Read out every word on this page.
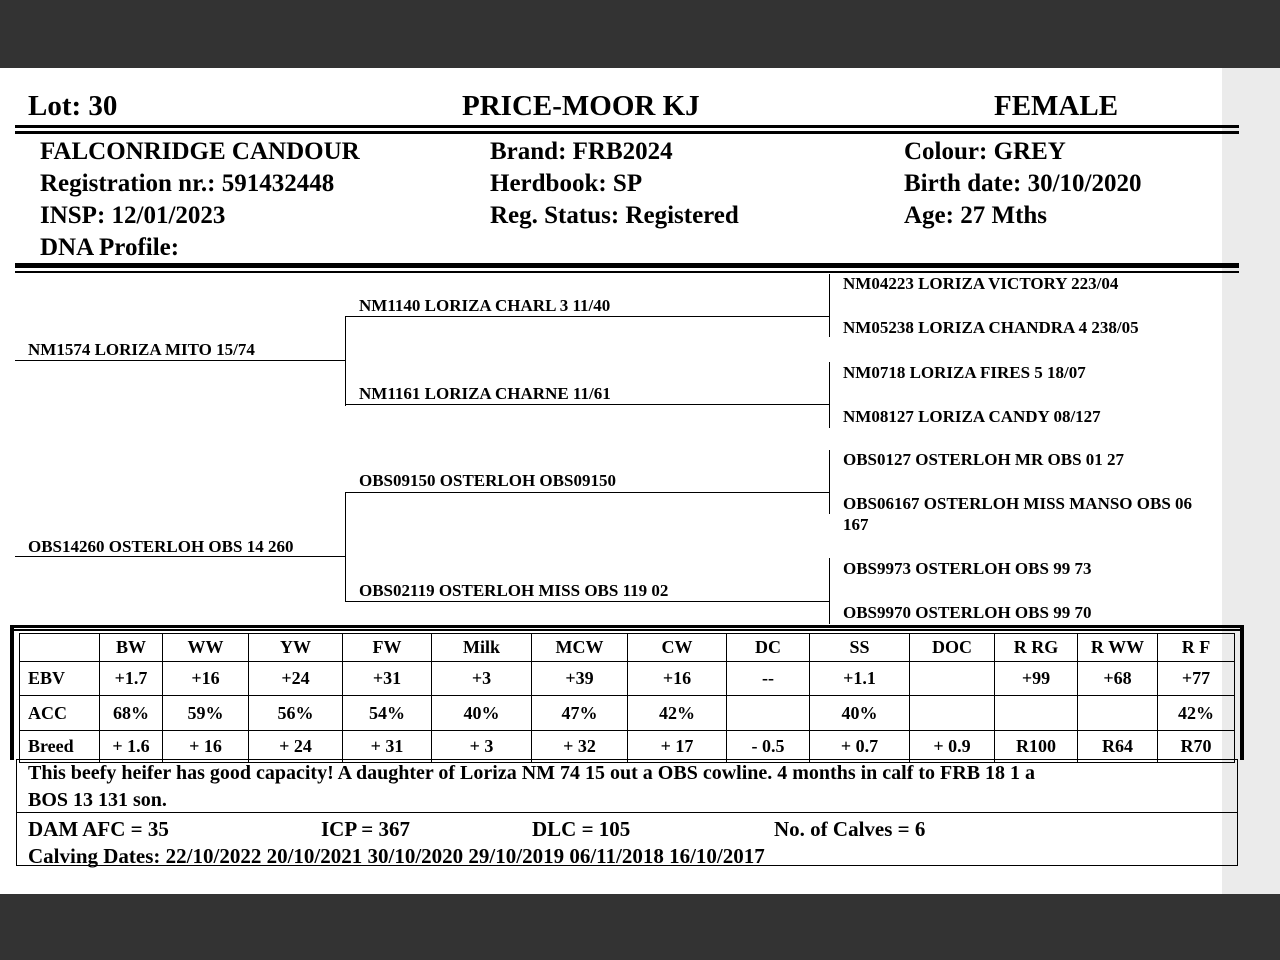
Lot: 30	PRICE-MOOR KJ	FEMALE
FALCONRIDGE CANDOUR
Registration nr.: 591432448
INSP: 12/01/2023
DNA Profile:
Brand: FRB2024
Herdbook: SP
Reg. Status: Registered
Colour: GREY
Birth date: 30/10/2020
Age: 27 Mths
NM1574 LORIZA MITO 15/74
OBS14260 OSTERLOH OBS 14 260
NM1140 LORIZA CHARL 3 11/40
NM1161 LORIZA CHARNE 11/61
OBS09150 OSTERLOH OBS09150
OBS02119 OSTERLOH MISS OBS 119 02
NM04223 LORIZA VICTORY 223/04
NM05238 LORIZA CHANDRA 4 238/05
NM0718 LORIZA FIRES 5 18/07
NM08127 LORIZA CANDY 08/127
OBS0127 OSTERLOH MR OBS 01 27
OBS06167 OSTERLOH MISS MANSO OBS 06
167
OBS9973 OSTERLOH OBS 99 73
OBS9970 OSTERLOH OBS 99 70
	BW	WW	YW	FW	Milk	MCW	CW	DC	SS	DOC	R RG	R WW	R F
EBV	+1.7	+16	+24	+31	+3	+39	+16	--	+1.1		+99	+68	+77
ACC	68%	59%	56%	54%	40%	47%	42%		40%				42%
Breed	+ 1.6	+ 16	+ 24	+ 31	+ 3	+ 32	+ 17	- 0.5	+ 0.7	+ 0.9	R100	R64	R70
This beefy heifer has good capacity! A daughter of Loriza NM 74 15 out a OBS cowline. 4 months in calf to FRB 18 1 a
BOS 13 131 son.
DAM AFC = 35	ICP = 367	DLC = 105	No. of Calves = 6
Calving Dates: 22/10/2022 20/10/2021 30/10/2020 29/10/2019 06/11/2018 16/10/2017
